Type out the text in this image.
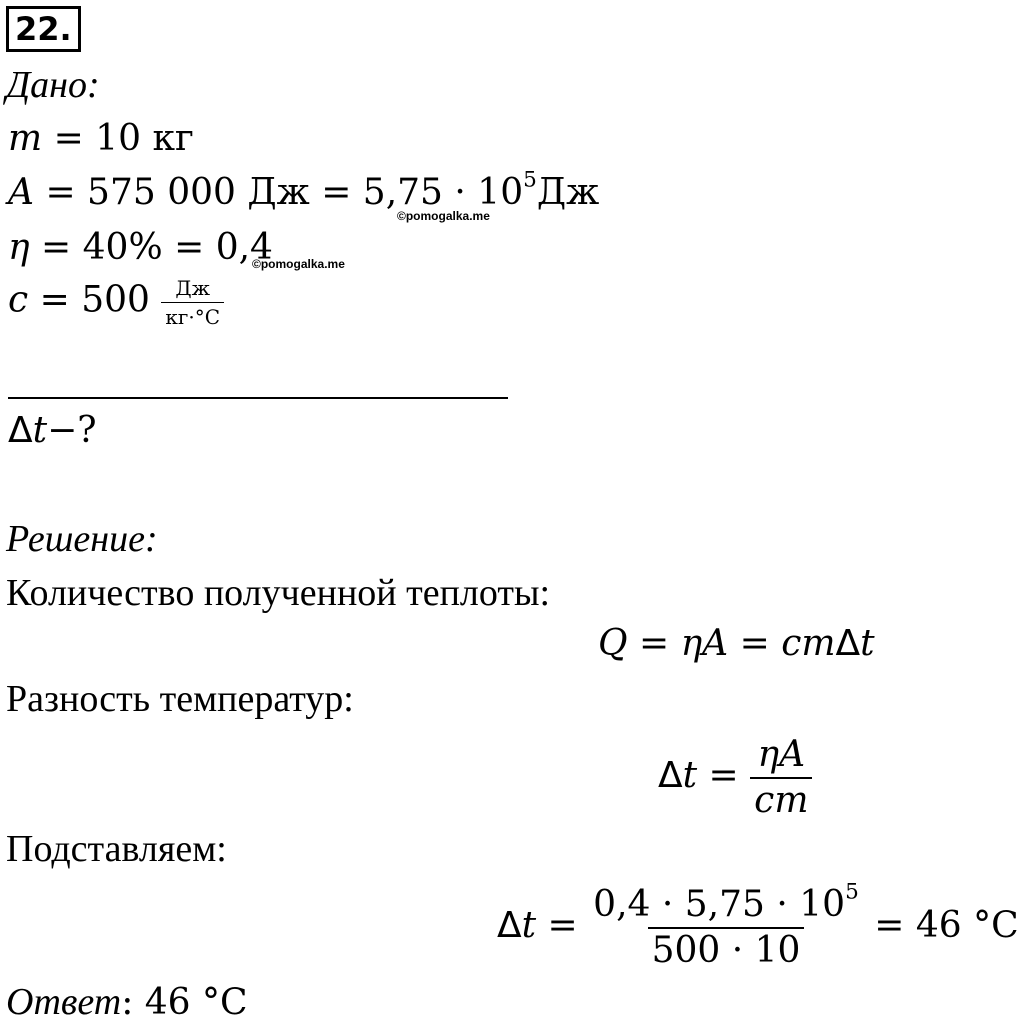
22.
Дано:
m = 10 кг
A = 575 000 Дж = $5,75 \cdot 10^5Дж$
©pomogalka.me
η = 40% = 0,4
©pomogalka.me
$c = 500 \frac{Дж}{кг\cdot^\circ С}$
Δt−?
Решение:
Количество полученной теплоты:
Q = ηA = cmΔt
Разность температур:
$\Delta t = \frac{\eta A}{cm}$
Подставляем:
$\Delta t = \frac{0,4 \cdot 5,75 \cdot 10^5}{500 \cdot 10} = 46$ °С
Ответ: 46 °С
